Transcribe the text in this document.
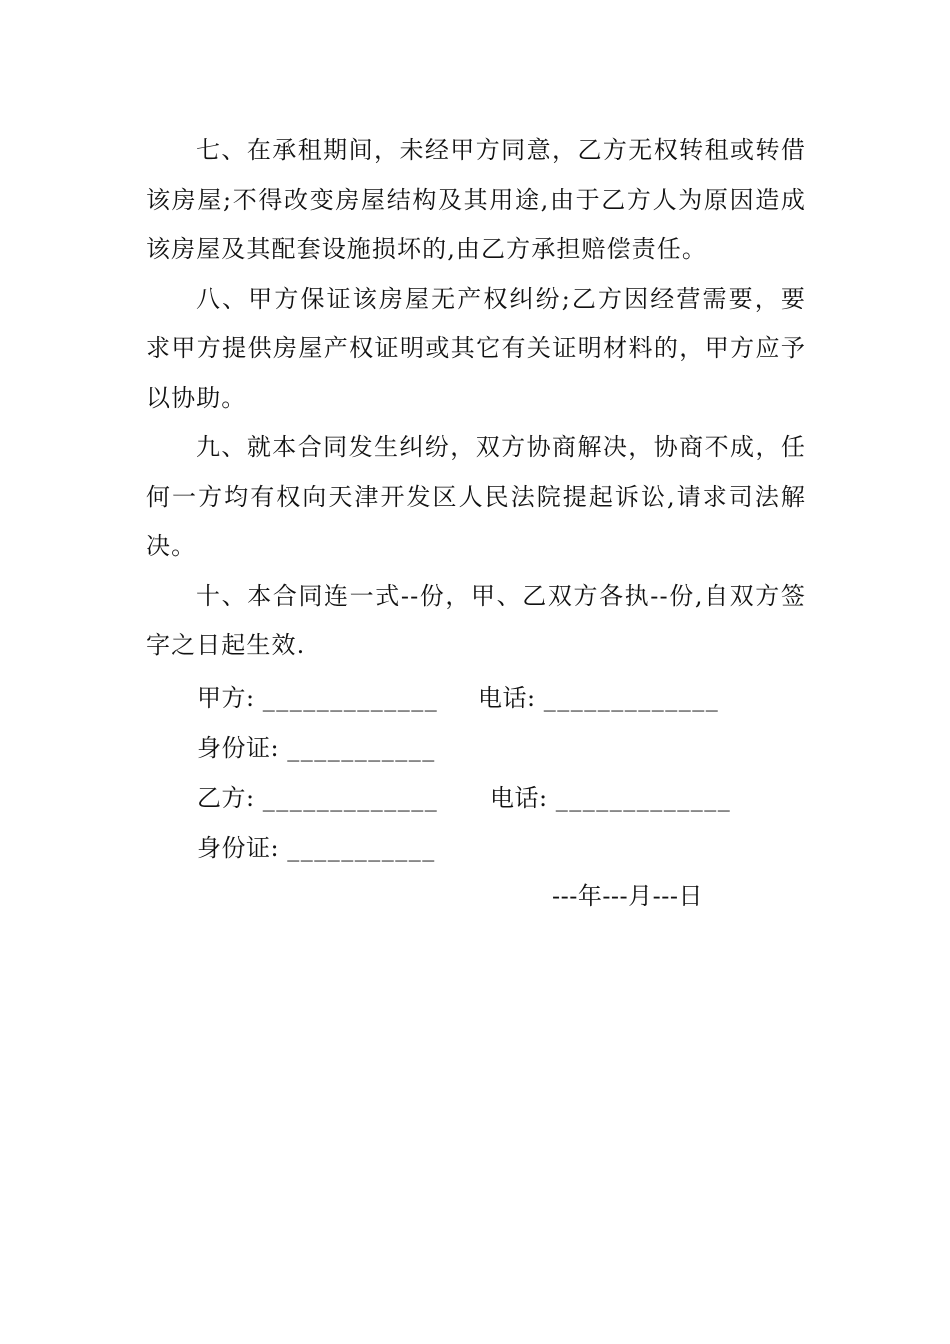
七、在承租期间，未经甲方同意，乙方无权转租或转借该房屋;不得改变房屋结构及其用途,由于乙方人为原因造成该房屋及其配套设施损坏的,由乙方承担赔偿责任。

八、甲方保证该房屋无产权纠纷;乙方因经营需要，要求甲方提供房屋产权证明或其它有关证明材料的，甲方应予以协助。

九、就本合同发生纠纷，双方协商解决，协商不成，任何一方均有权向天津开发区人民法院提起诉讼,请求司法解决。

十、本合同连一式--份，甲、乙双方各执--份,自双方签字之日起生效.

甲方: _____________ 电话: _____________
身份证: ___________
乙方: _____________ 电话: _____________
身份证: ___________
---年---月---日
